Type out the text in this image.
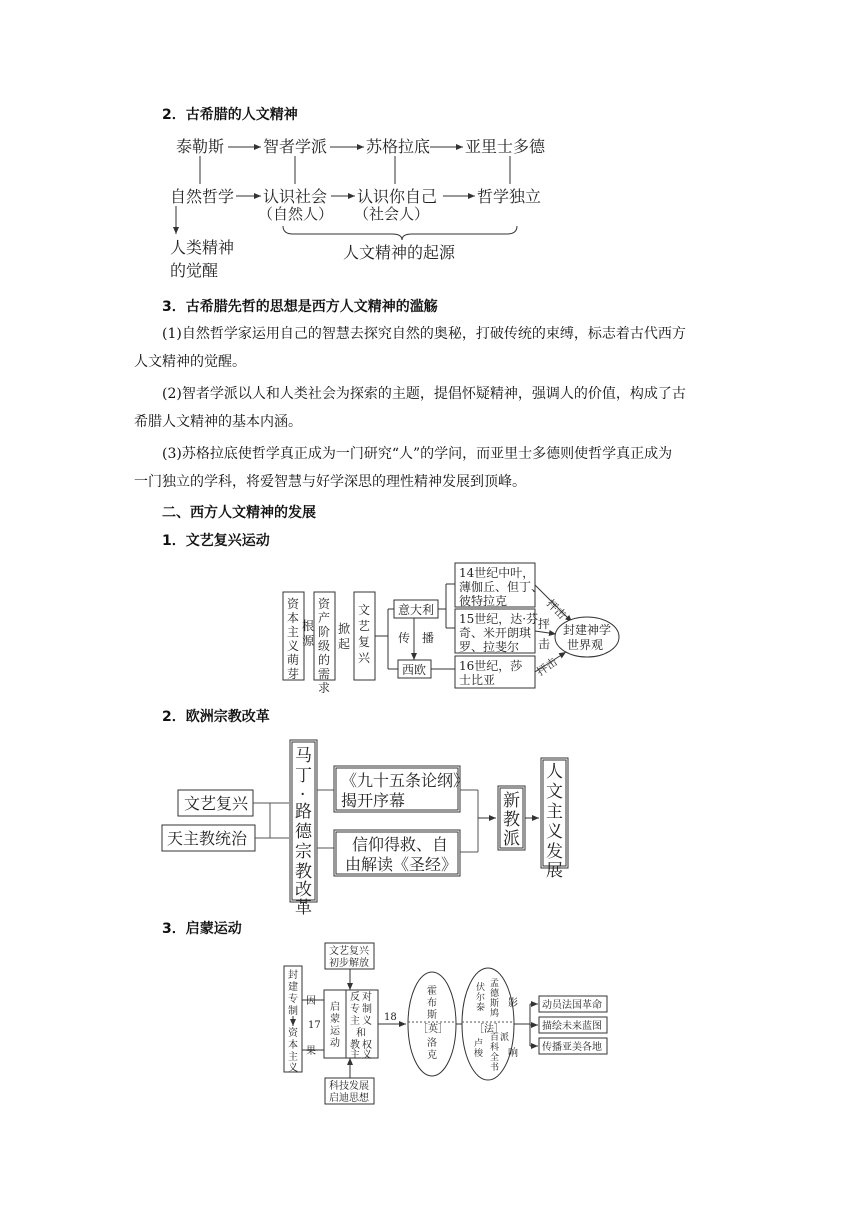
2．古希腊的人文精神
泰勒斯 智者学派 苏格拉底 亚里士多德
自然哲学 认识社会 认识你自己 哲学独立
（自然人） （社会人）
人类精神
的觉醒
人文精神的起源
3．古希腊先哲的思想是西方人文精神的滥觞
(1)自然哲学家运用自己的智慧去探究自然的奥秘，打破传统的束缚，标志着古代西方
人文精神的觉醒。
(2)智者学派以人和人类社会为探索的主题，提倡怀疑精神，强调人的价值，构成了古
希腊人文精神的基本内涵。
(3)苏格拉底使哲学真正成为一门研究“人”的学问，而亚里士多德则使哲学真正成为
一门独立的学科，将爱智慧与好学深思的理性精神发展到顶峰。
二、西方人文精神的发展
1．文艺复兴运动
资
本
主
义
萌
芽
根
源
资
产
阶
级
的
需
求
掀
起
文
艺
复
兴
意大利
传　播
西欧
14世纪中叶，
薄伽丘、但丁、
彼特拉克
15世纪，达·芬
奇、米开朗琪
罗、拉斐尔
16世纪，莎
士比亚
抨击
抨
击
抨击
封建神学
世界观
2．欧洲宗教改革
文艺复兴
天主教统治
马
丁
·
路
德
宗
教
改
革
《九十五条论纲》
揭开序幕
信仰得救、自
由解读《圣经》
新
教
派
人
文
主
义
发
展
3．启蒙运动
封
建
专
制
资
本
主
义
因
17
果
文艺复兴
初步解放
科技发展
启迪思想
启
蒙
运
动
反 对
专 制
主 义
和
教 权
主 义
18
霍
布
斯
［英］
洛
克
孟
德
斯
鸠
伏
尔
泰
［法］
卢
梭
百
科
全
书
派
影
响
动员法国革命
描绘未来蓝图
传播亚美各地
